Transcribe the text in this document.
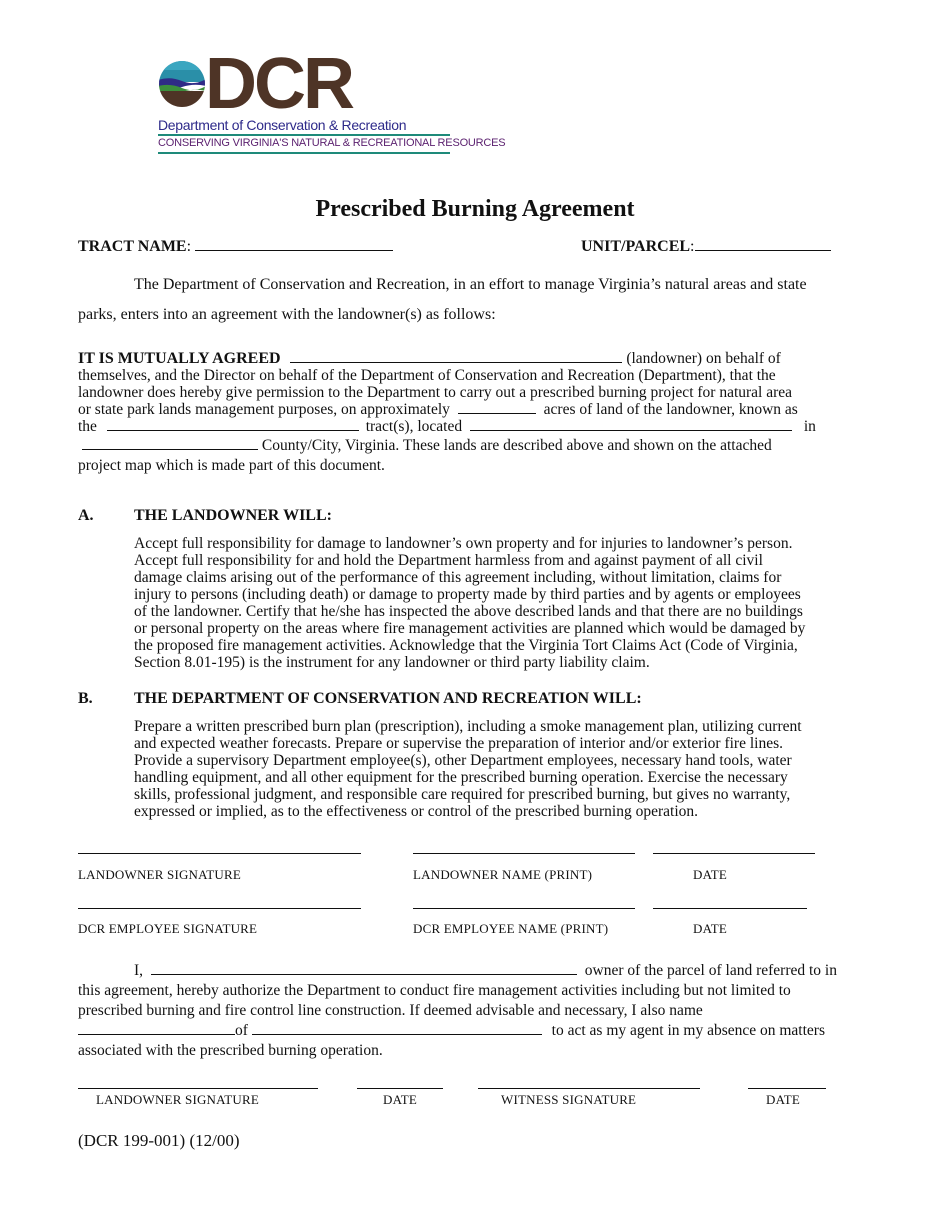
DCR
Department of Conservation & Recreation
CONSERVING VIRGINIA'S NATURAL & RECREATIONAL RESOURCES
Prescribed Burning Agreement
TRACT NAME:	UNIT/PARCEL:
The Department of Conservation and Recreation, in an effort to manage Virginia’s natural areas and state
parks, enters into an agreement with the landowner(s) as follows:
IT IS MUTUALLY AGREED	(landowner) on behalf of
themselves, and the Director on behalf of the Department of Conservation and Recreation (Department), that the
landowner does hereby give permission to the Department to carry out a prescribed burning project for natural area
or state park lands management purposes, on approximately	acres of land of the landowner, known as
the	tract(s), located	in
County/City, Virginia. These lands are described above and shown on the attached
project map which is made part of this document.
A.	THE LANDOWNER WILL:
Accept full responsibility for damage to landowner’s own property and for injuries to landowner’s person.
Accept full responsibility for and hold the Department harmless from and against payment of all civil
damage claims arising out of the performance of this agreement including, without limitation, claims for
injury to persons (including death) or damage to property made by third parties and by agents or employees
of the landowner. Certify that he/she has inspected the above described lands and that there are no buildings
or personal property on the areas where fire management activities are planned which would be damaged by
the proposed fire management activities. Acknowledge that the Virginia Tort Claims Act (Code of Virginia,
Section 8.01-195) is the instrument for any landowner or third party liability claim.
B.	THE DEPARTMENT OF CONSERVATION AND RECREATION WILL:
Prepare a written prescribed burn plan (prescription), including a smoke management plan, utilizing current
and expected weather forecasts. Prepare or supervise the preparation of interior and/or exterior fire lines.
Provide a supervisory Department employee(s), other Department employees, necessary hand tools, water
handling equipment, and all other equipment for the prescribed burning operation. Exercise the necessary
skills, professional judgment, and responsible care required for prescribed burning, but gives no warranty,
expressed or implied, as to the effectiveness or control of the prescribed burning operation.
LANDOWNER SIGNATURE	LANDOWNER NAME (PRINT)	DATE
DCR EMPLOYEE SIGNATURE	DCR EMPLOYEE NAME (PRINT)	DATE
I,	owner of the parcel of land referred to in
this agreement, hereby authorize the Department to conduct fire management activities including but not limited to
prescribed burning and fire control line construction. If deemed advisable and necessary, I also name
of	to act as my agent in my absence on matters
associated with the prescribed burning operation.
LANDOWNER SIGNATURE	DATE	WITNESS SIGNATURE	DATE
(DCR 199-001) (12/00)
